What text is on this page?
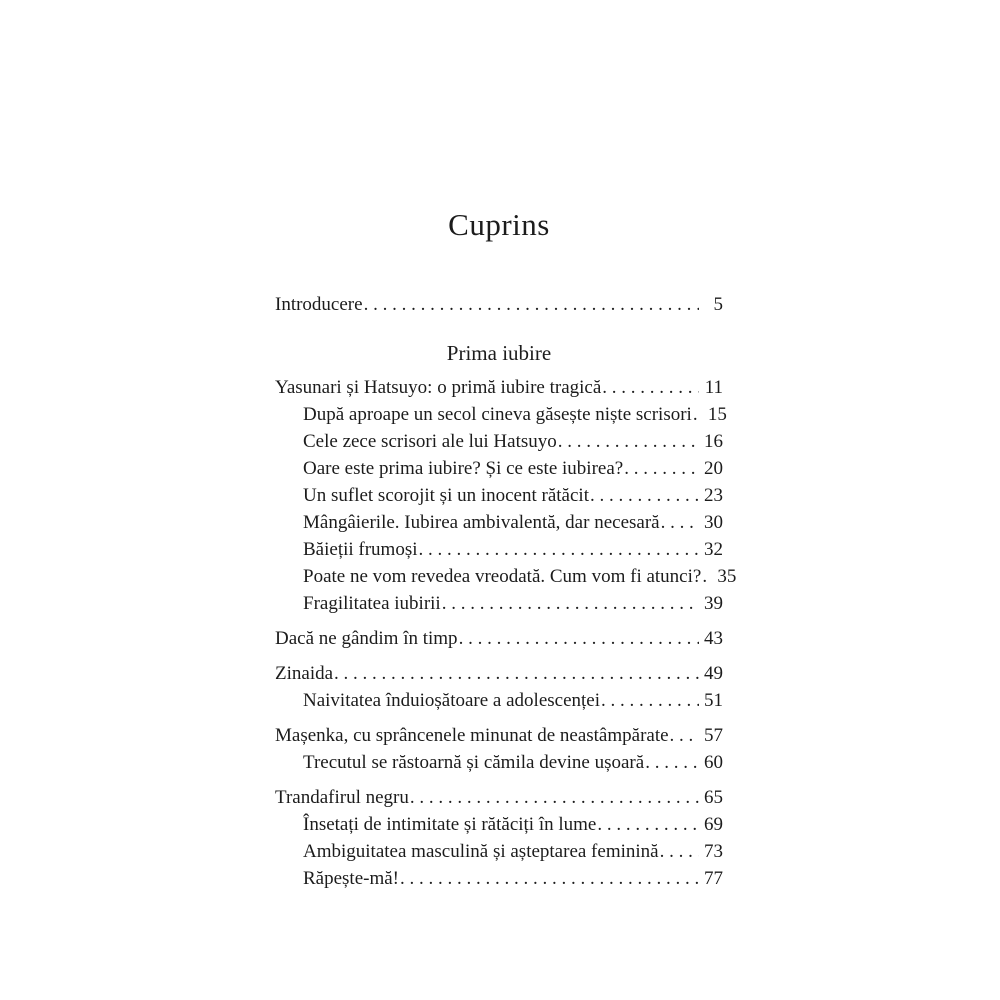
Cuprins
Introducere . . .	5
Prima iubire
Yasunari și Hatsuyo: o primă iubire tragică . . .	11
După aproape un secol cineva găsește niște scrisori . . . 15
Cele zece scrisori ale lui Hatsuyo . . .	16
Oare este prima iubire? Și ce este iubirea? . . .	20
Un suflet scorojit și un inocent rătăcit . . .	23
Mângâierile. Iubirea ambivalentă, dar necesară . . . 30
Băieții frumoși . . .	32
Poate ne vom revedea vreodată. Cum vom fi atunci? . . . 35
Fragilitatea iubirii . . .	39
Dacă ne gândim în timp . . .	43
Zinaida . . .	49
Naivitatea înduioșătoare a adolescenței . . .	51
Mașenka, cu sprâncenele minunat de neastâmpărate . . . 57
Trecutul se răstoarnă și cămila devine ușoară . . .	60
Trandafirul negru . . .	65
Însetați de intimitate și rătăciți în lume . . .	69
Ambiguitatea masculină și așteptarea feminină . . . 73
Răpește-mă! . . .	77
